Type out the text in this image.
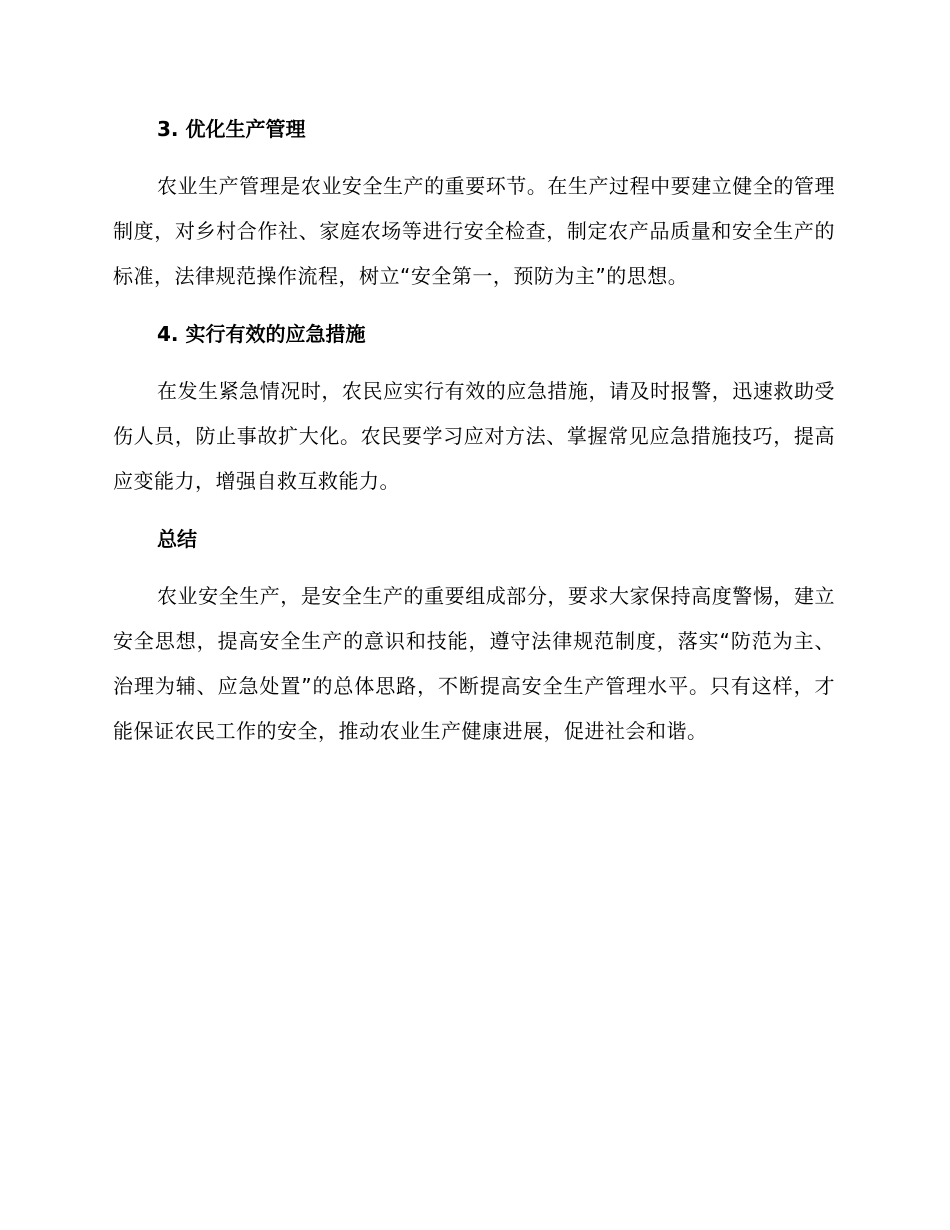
3. 优化生产管理

农业生产管理是农业安全生产的重要环节。在生产过程中要建立健全的管理制度，对乡村合作社、家庭农场等进行安全检查，制定农产品质量和安全生产的标准，法律规范操作流程，树立“安全第一，预防为主”的思想。

4. 实行有效的应急措施

在发生紧急情况时，农民应实行有效的应急措施，请及时报警，迅速救助受伤人员，防止事故扩大化。农民要学习应对方法、掌握常见应急措施技巧，提高应变能力，增强自救互救能力。

总结

农业安全生产，是安全生产的重要组成部分，要求大家保持高度警惕，建立安全思想，提高安全生产的意识和技能，遵守法律规范制度，落实“防范为主、治理为辅、应急处置”的总体思路，不断提高安全生产管理水平。只有这样，才能保证农民工作的安全，推动农业生产健康进展，促进社会和谐。
